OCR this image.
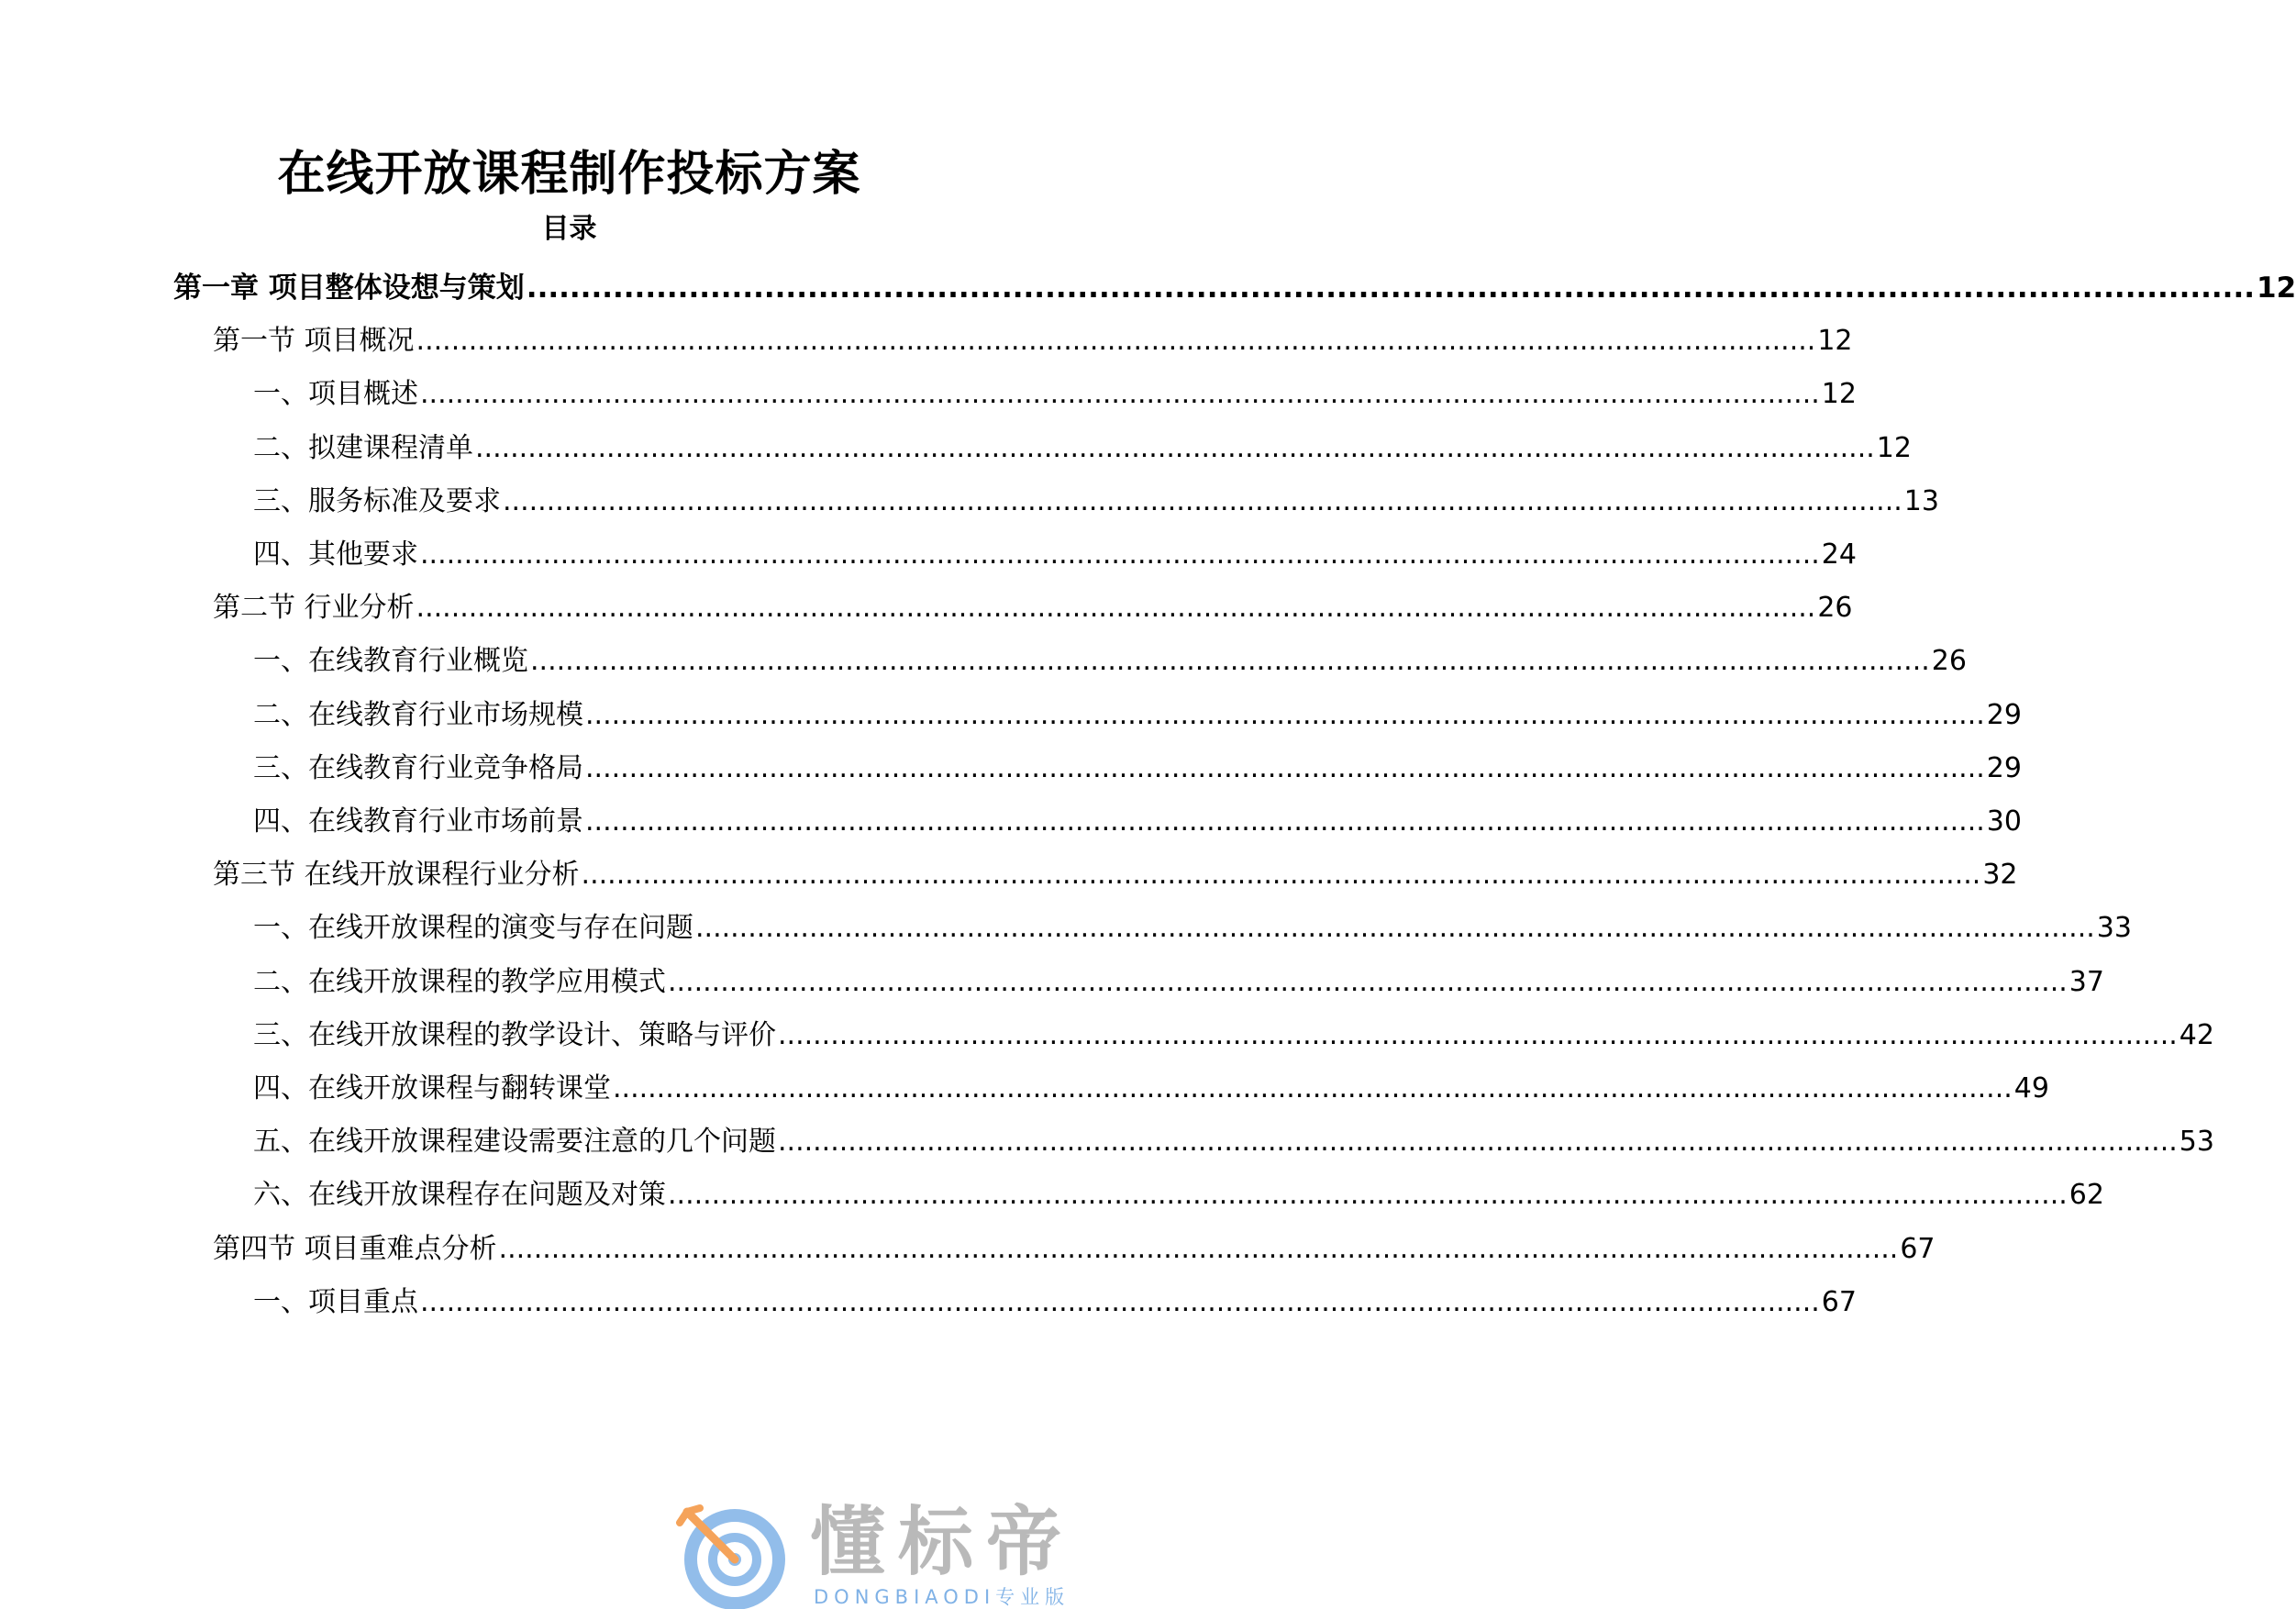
在线开放课程制作投标方案
目录
第一章 项目整体设想与策划 ................................................................................................................................................................ 12
第一节 项目概况 ................................................................................................................................................................ 12
一、项目概述 ................................................................................................................................................................ 12
二、拟建课程清单 ................................................................................................................................................................ 12
三、服务标准及要求 ................................................................................................................................................................ 13
四、其他要求 ................................................................................................................................................................ 24
第二节 行业分析 ................................................................................................................................................................ 26
一、在线教育行业概览 ................................................................................................................................................................ 26
二、在线教育行业市场规模 ................................................................................................................................................................ 29
三、在线教育行业竞争格局 ................................................................................................................................................................ 29
四、在线教育行业市场前景 ................................................................................................................................................................ 30
第三节 在线开放课程行业分析 ................................................................................................................................................................ 32
一、在线开放课程的演变与存在问题 ................................................................................................................................................................ 33
二、在线开放课程的教学应用模式 ................................................................................................................................................................ 37
三、在线开放课程的教学设计、策略与评价 ................................................................................................................................................................ 42
四、在线开放课程与翻转课堂 ................................................................................................................................................................ 49
五、在线开放课程建设需要注意的几个问题 ................................................................................................................................................................ 53
六、在线开放课程存在问题及对策 ................................................................................................................................................................ 62
第四节 项目重难点分析 ................................................................................................................................................................ 67
一、项目重点 ................................................................................................................................................................ 67
懂标帝
DONGBIAODI专业版
